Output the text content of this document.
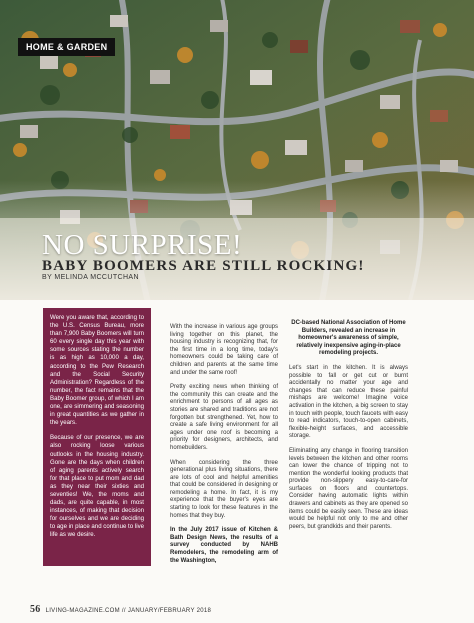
HOME & GARDEN
NO SURPRISE!
BABY BOOMERS ARE STILL ROCKING!
BY MELINDA MCCUTCHAN

Were you aware that, according to the U.S. Census Bureau, more than 7,900 Baby Boomers will turn 60 every single day this year with some sources stating the number is as high as 10,000 a day, according to the Pew Research and the Social Security Administration? Regardless of the number, the fact remains that the Baby Boomer group, of which I am one, are simmering and seasoning in great quantities as we gather in the years.

Because of our presence, we are also rocking loose various outlooks in the housing industry. Gone are the days when children of aging parents actively search for that place to put mom and dad as they near their sixties and seventies! We, the moms and dads, are quite capable, in most instances, of making that decision for ourselves and we are deciding to age in place and continue to live life as we desire.

With the increase in various age groups living together on this planet, the housing industry is recognizing that, for the first time in a long time, today's homeowners could be taking care of children and parents at the same time and under the same roof!

Pretty exciting news when thinking of the community this can create and the enrichment to persons of all ages as stories are shared and traditions are not forgotten but strengthened. Yet, how to create a safe living environment for all ages under one roof is becoming a priority for designers, architects, and homebuilders.

When considering the three generational plus living situations, there are lots of cool and helpful amenities that could be considered in designing or remodeling a home. In fact, it is my experience that the buyer's eyes are starting to look for these features in the homes that they buy.

In the July 2017 issue of Kitchen & Bath Design News, the results of a survey conducted by NAHB Remodelers, the remodeling arm of the Washington,

DC-based National Association of Home Builders, revealed an increase in homeowner's awareness of simple, relatively inexpensive aging-in-place remodeling projects.

Let's start in the kitchen. It is always possible to fall or get cut or burnt accidentally no matter your age and changes that can reduce these painful mishaps are welcome! Imagine voice activation in the kitchen, a big screen to stay in touch with people, touch faucets with easy to read indicators, touch-to-open cabinets, flexible-height surfaces, and accessible storage.

Eliminating any change in flooring transition levels between the kitchen and other rooms can lower the chance of tripping not to mention the wonderful looking products that provide non-slippery easy-to-care-for surfaces on floors and countertops. Consider having automatic lights within drawers and cabinets as they are opened so items could be easily seen. These are ideas would be helpful not only to me and other peers, but grandkids and their parents.

56 LIVING-MAGAZINE.COM // JANUARY/FEBRUARY 2018
